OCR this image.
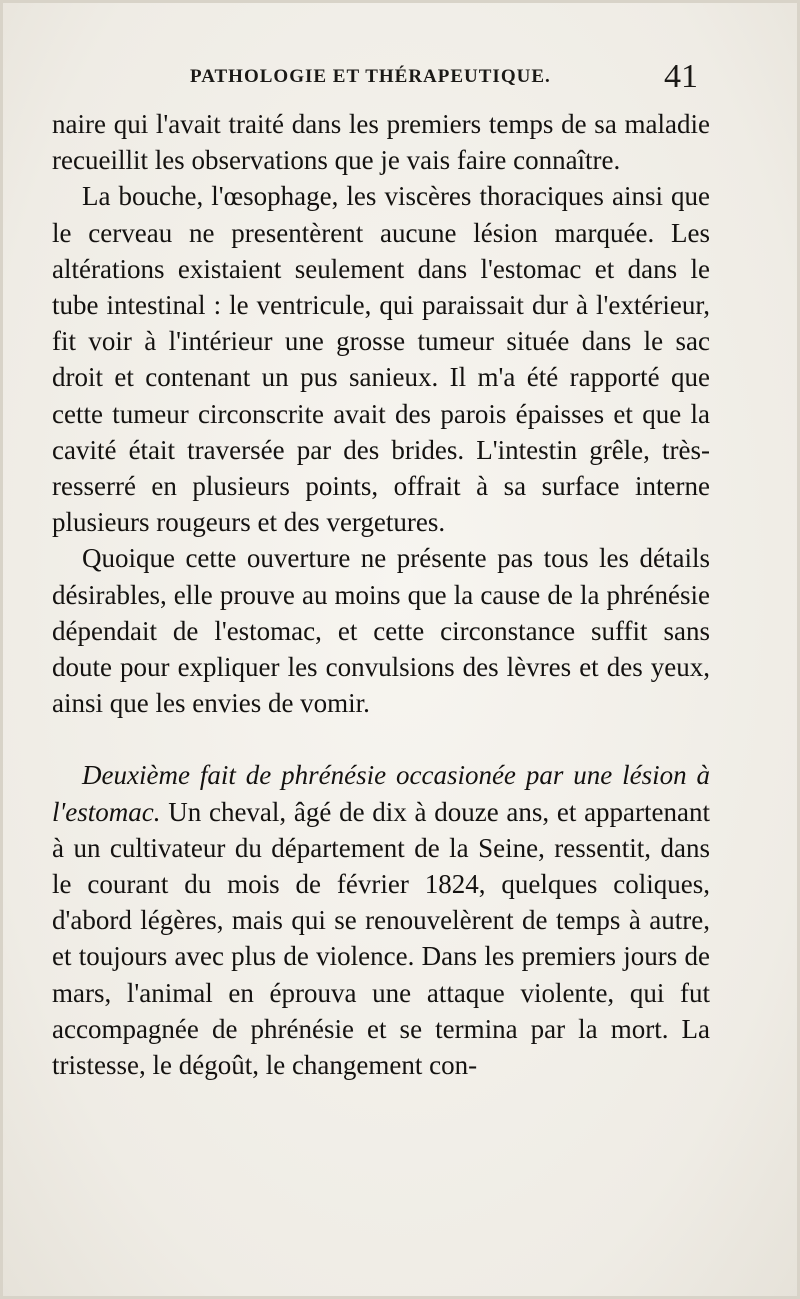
PATHOLOGIE ET THÉRAPEUTIQUE.	41

naire qui l'avait traité dans les premiers temps de sa maladie recueillit les observations que je vais faire connaître.

La bouche, l'œsophage, les viscères thoraciques ainsi que le cerveau ne presentèrent aucune lésion marquée. Les altérations existaient seulement dans l'estomac et dans le tube intestinal : le ventricule, qui paraissait dur à l'extérieur, fit voir à l'intérieur une grosse tumeur située dans le sac droit et contenant un pus sanieux. Il m'a été rapporté que cette tumeur circonscrite avait des parois épaisses et que la cavité était traversée par des brides. L'intestin grêle, très-resserré en plusieurs points, offrait à sa surface interne plusieurs rougeurs et des vergetures.

Quoique cette ouverture ne présente pas tous les détails désirables, elle prouve au moins que la cause de la phrénésie dépendait de l'estomac, et cette circonstance suffit sans doute pour expliquer les convulsions des lèvres et des yeux, ainsi que les envies de vomir.

Deuxième fait de phrénésie occasionée par une lésion à l'estomac. Un cheval, âgé de dix à douze ans, et appartenant à un cultivateur du département de la Seine, ressentit, dans le courant du mois de février 1824, quelques coliques, d'abord légères, mais qui se renouvelèrent de temps à autre, et toujours avec plus de violence. Dans les premiers jours de mars, l'animal en éprouva une attaque violente, qui fut accompagnée de phrénésie et se termina par la mort. La tristesse, le dégoût, le changement con-
